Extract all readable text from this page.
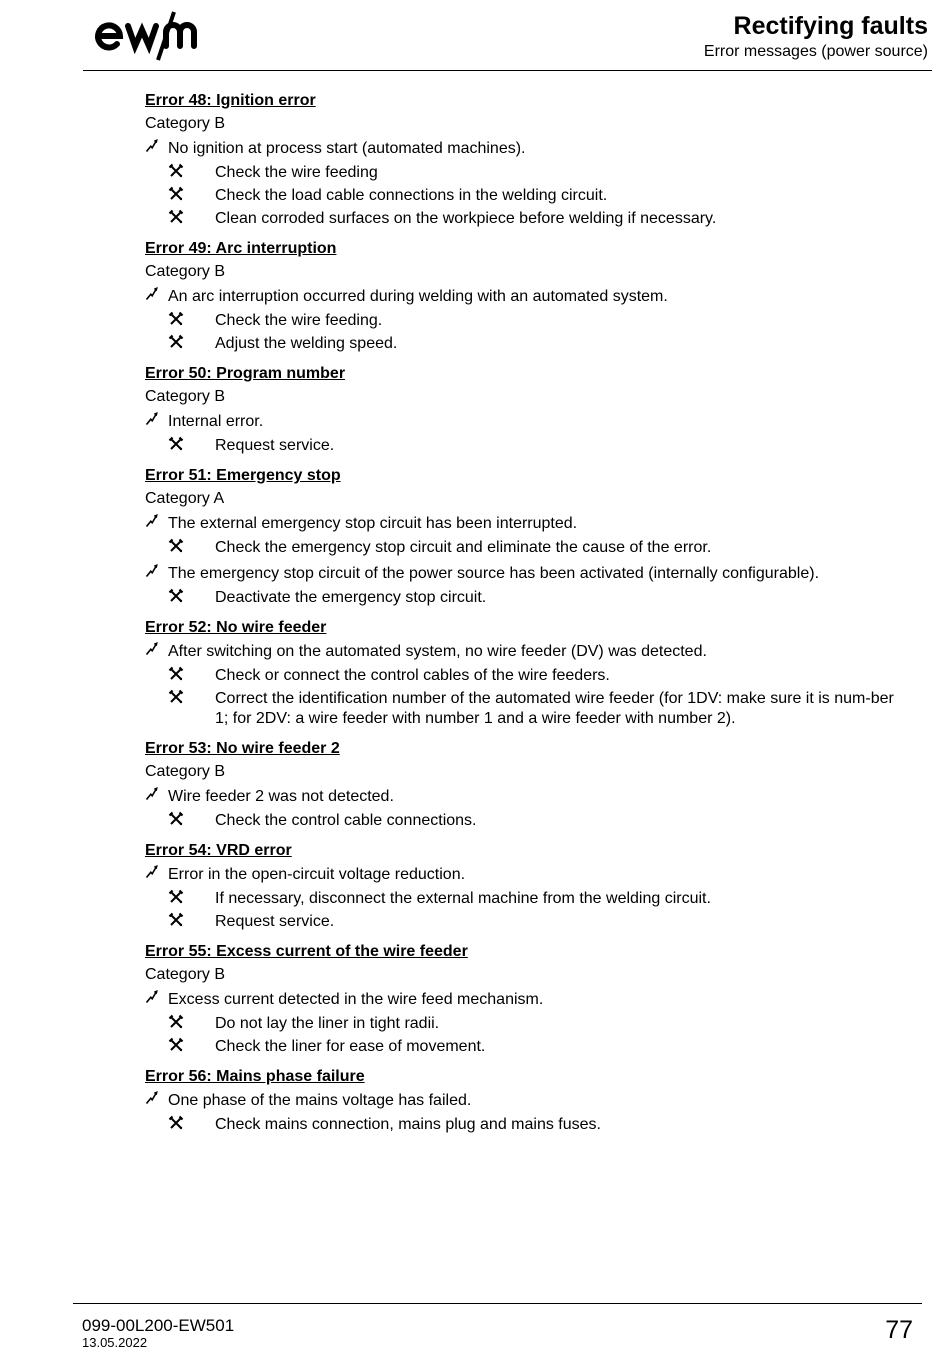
Rectifying faults
Error messages (power source)
Error 48: Ignition error
Category B
No ignition at process start (automated machines).
Check the wire feeding
Check the load cable connections in the welding circuit.
Clean corroded surfaces on the workpiece before welding if necessary.
Error 49: Arc interruption
Category B
An arc interruption occurred during welding with an automated system.
Check the wire feeding.
Adjust the welding speed.
Error 50: Program number
Category B
Internal error.
Request service.
Error 51: Emergency stop
Category A
The external emergency stop circuit has been interrupted.
Check the emergency stop circuit and eliminate the cause of the error.
The emergency stop circuit of the power source has been activated (internally configurable).
Deactivate the emergency stop circuit.
Error 52: No wire feeder
After switching on the automated system, no wire feeder (DV) was detected.
Check or connect the control cables of the wire feeders.
Correct the identification number of the automated wire feeder (for 1DV: make sure it is num-ber 1; for 2DV: a wire feeder with number 1 and a wire feeder with number 2).
Error 53: No wire feeder 2
Category B
Wire feeder 2 was not detected.
Check the control cable connections.
Error 54: VRD error
Error in the open-circuit voltage reduction.
If necessary, disconnect the external machine from the welding circuit.
Request service.
Error 55: Excess current of the wire feeder
Category B
Excess current detected in the wire feed mechanism.
Do not lay the liner in tight radii.
Check the liner for ease of movement.
Error 56: Mains phase failure
One phase of the mains voltage has failed.
Check mains connection, mains plug and mains fuses.
099-00L200-EW501
13.05.2022	77
